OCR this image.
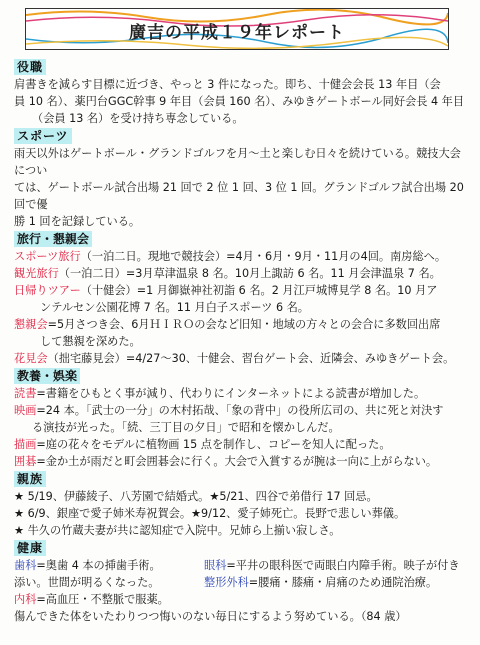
廣吉の平成１９年レポート
役職

肩書きを減らす目標に近づき、やっと 3 件になった。即ち、十健会会長 13 年目（会

員 10 名）、薬円台GGC幹事 9 年目（会員 160 名）、みゆきゲートボール同好会長 4 年目

（会員 13 名）を受け持ち専念している。

スポーツ

雨天以外はゲートボール・グランドゴルフを月〜土と楽しむ日々を続けている。競技大会につい

ては、ゲートボール試合出場 21 回で 2 位 1 回、3 位 1 回。グランドゴルフ試合出場 20回で優

勝 1 回を記録している。

旅行・懇親会

スポーツ旅行（一泊二日。現地で競技会）=4月・6月・9月・11月の4回。南房総へ。

観光旅行（一泊二日）=3月草津温泉 8 名。10月上諏訪 6 名。11 月会津温泉 7 名。

日帰りツアー（十健会）=1 月御嶽神社初詣 6 名。2 月江戸城博見学 8 名。10 月ア

ンテルセン公園花博 7 名。11 月白子スポーツ 6 名。

懇親会=5月さつき会、6月ＨＩＲＯの会など旧知・地域の方々との会合に多数回出席

して懇親を深めた。

花見会（拙宅藤見会）=4/27〜30、十健会、習台ゲート会、近隣会、みゆきゲート会。

教養・娯楽

読書=書籍をひもとく事が減り、代わりにインターネットによる読書が増加した。

映画=24 本。「武士の一分」の木村拓哉、「象の背中」の役所広司の、共に死と対決す

る演技が光った。「続、三丁目の夕日」で昭和を懐かしんだ。

描画=庭の花々をモデルに植物画 15 点を制作し、コピーを知人に配った。

囲碁=金か土が雨だと町会囲碁会に行く。大会で入賞するが腕は一向に上がらない。

親族

★ 5/19、伊藤綾子、八芳園で結婚式。★5/21、四谷で弟借行 17 回忌。

★ 6/9、銀座で愛子姉米寿祝賀会。★9/12、愛子姉死亡。長野で悲しい葬儀。

★ 牛久の竹蔵夫妻が共に認知症で入院中。兄姉ら上揃い寂しさ。

健康
歯科=奥歯 4 本の挿歯手術。	眼科=平井の眼科医で両眼白内障手術。映子が付き
添い。世間が明るくなった。	整形外科=腰痛・膝痛・肩痛のため通院治療。

内科=高血圧・不整脈で服薬。

傷んできた体をいたわりつつ悔いのない毎日にするよう努めている。（84 歳）
